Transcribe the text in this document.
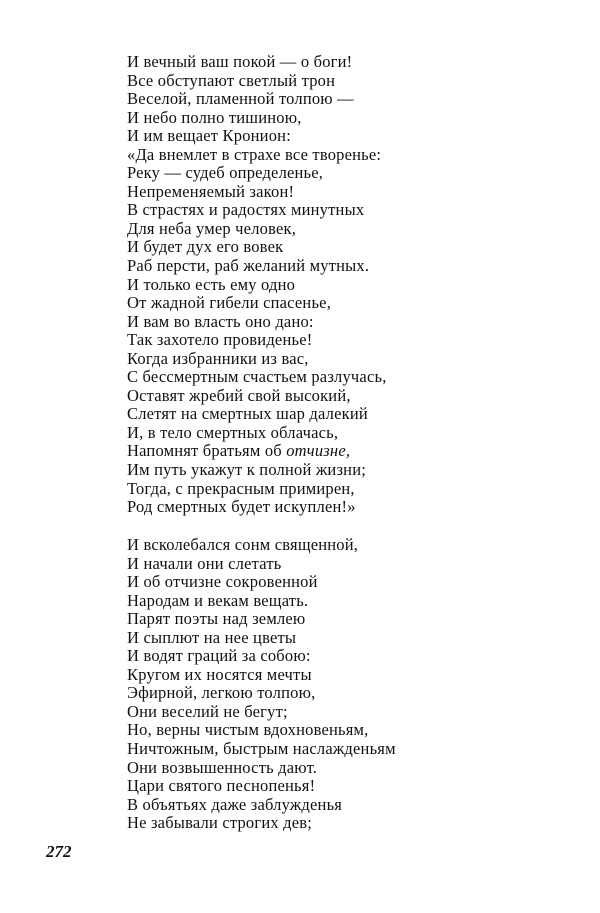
И вечный ваш покой — о боги!
Все обступают светлый трон
Веселой, пламенной толпою —
И небо полно тишиною,
И им вещает Кронион:
«Да внемлет в страхе все творенье:
Реку — судеб определенье,
Непременяемый закон!
В страстях и радостях минутных
Для неба умер человек,
И будет дух его вовек
Раб персти, раб желаний мутных.
И только есть ему одно
От жадной гибели спасенье,
И вам во власть оно дано:
Так захотело провиденье!
Когда избранники из вас,
С бессмертным счастьем разлучась,
Оставят жребий свой высокий,
Слетят на смертных шар далекий
И, в тело смертных облачась,
Напомнят братьям об отчизне,
Им путь укажут к полной жизни;
Тогда, с прекрасным примирен,
Род смертных будет искуплен!»
И всколебался сонм священной,
И начали они слетать
И об отчизне сокровенной
Народам и векам вещать.
Парят поэты над землею
И сыплют на нее цветы
И водят граций за собою:
Кругом их носятся мечты
Эфирной, легкою толпою,
Они веселий не бегут;
Но, верны чистым вдохновеньям,
Ничтожным, быстрым наслажденьям
Они возвышенность дают.
Цари святого песнопенья!
В объятьях даже заблужденья
Не забывали строгих дев;
272
